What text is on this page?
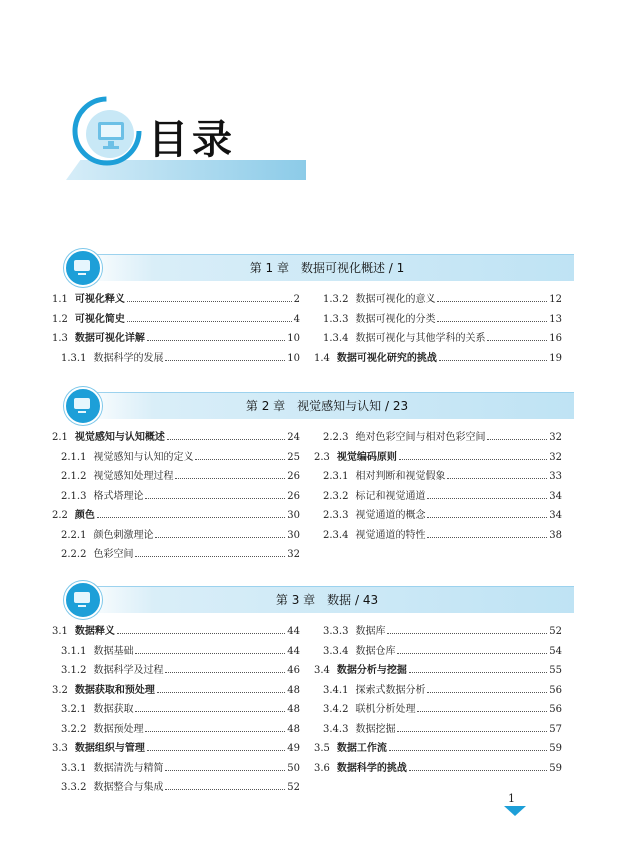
目录
第 1 章　数据可视化概述 / 1
1.1 可视化释义	2
1.2 可视化简史	4
1.3 数据可视化详解	10
1.3.1 数据科学的发展	10
1.3.2 数据可视化的意义	12
1.3.3 数据可视化的分类	13
1.3.4 数据可视化与其他学科的关系	16
1.4 数据可视化研究的挑战	19
第 2 章　视觉感知与认知 / 23
2.1 视觉感知与认知概述	24
2.1.1 视觉感知与认知的定义	25
2.1.2 视觉感知处理过程	26
2.1.3 格式塔理论	26
2.2 颜色	30
2.2.1 颜色刺激理论	30
2.2.2 色彩空间	32
2.2.3 绝对色彩空间与相对色彩空间	32
2.3 视觉编码原则	32
2.3.1 相对判断和视觉假象	33
2.3.2 标记和视觉通道	34
2.3.3 视觉通道的概念	34
2.3.4 视觉通道的特性	38
第 3 章　数据 / 43
3.1 数据释义	44
3.1.1 数据基础	44
3.1.2 数据科学及过程	46
3.2 数据获取和预处理	48
3.2.1 数据获取	48
3.2.2 数据预处理	48
3.3 数据组织与管理	49
3.3.1 数据清洗与精简	50
3.3.2 数据整合与集成	52
3.3.3 数据库	52
3.3.4 数据仓库	54
3.4 数据分析与挖掘	55
3.4.1 探索式数据分析	56
3.4.2 联机分析处理	56
3.4.3 数据挖掘	57
3.5 数据工作流	59
3.6 数据科学的挑战	59
1
